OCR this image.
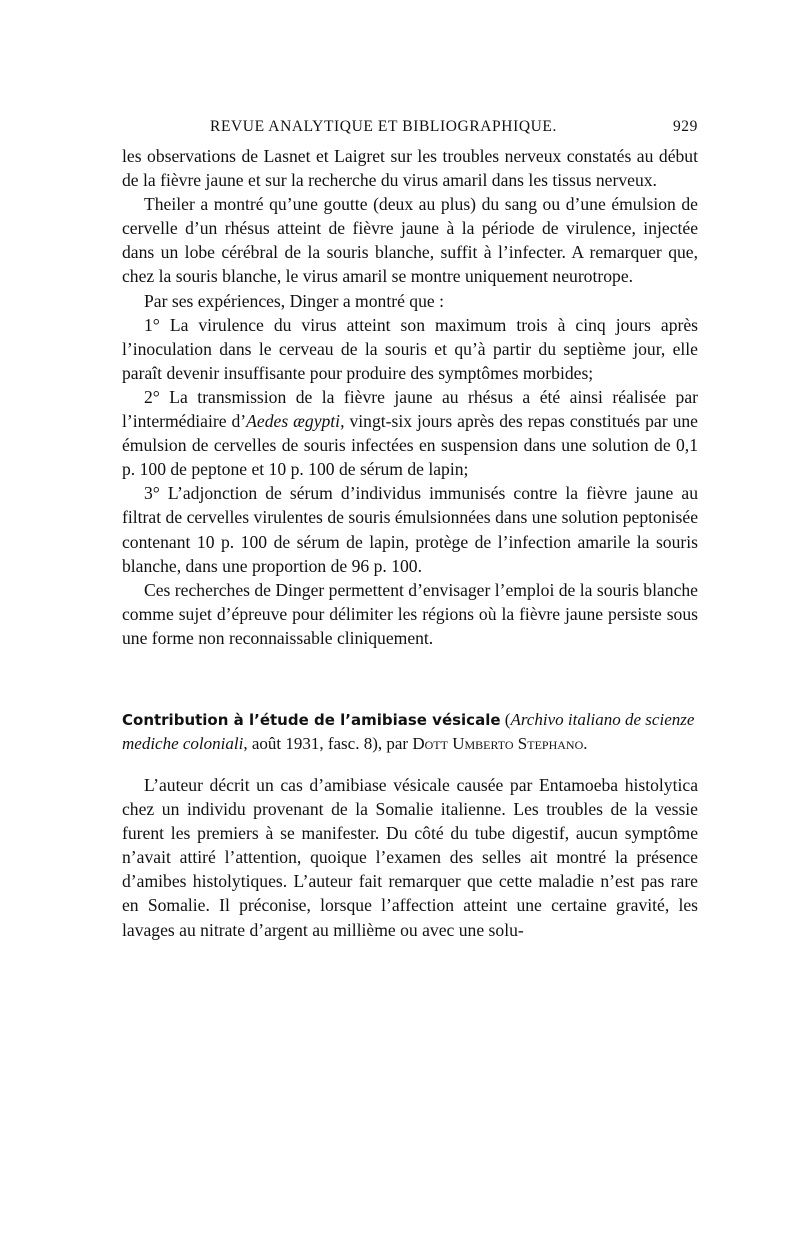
REVUE ANALYTIQUE ET BIBLIOGRAPHIQUE.	929

les observations de Lasnet et Laigret sur les troubles nerveux constatés au début de la fièvre jaune et sur la recherche du virus amaril dans les tissus nerveux.

Theiler a montré qu’une goutte (deux au plus) du sang ou d’une émulsion de cervelle d’un rhésus atteint de fièvre jaune à la période de virulence, injectée dans un lobe cérébral de la souris blanche, suffit à l’infecter. A remarquer que, chez la souris blanche, le virus amaril se montre uniquement neurotrope.

Par ses expériences, Dinger a montré que :

1° La virulence du virus atteint son maximum trois à cinq jours après l’inoculation dans le cerveau de la souris et qu’à partir du septième jour, elle paraît devenir insuffisante pour produire des symptômes morbides;

2° La transmission de la fièvre jaune au rhésus a été ainsi réalisée par l’intermédiaire d’Aedes ægypti, vingt-six jours après des repas constitués par une émulsion de cervelles de souris infectées en suspension dans une solution de 0,1 p. 100 de peptone et 10 p. 100 de sérum de lapin;

3° L’adjonction de sérum d’individus immunisés contre la fièvre jaune au filtrat de cervelles virulentes de souris émulsionnées dans une solution peptonisée contenant 10 p. 100 de sérum de lapin, protège de l’infection amarile la souris blanche, dans une proportion de 96 p. 100.

Ces recherches de Dinger permettent d’envisager l’emploi de la souris blanche comme sujet d’épreuve pour délimiter les régions où la fièvre jaune persiste sous une forme non reconnaissable cliniquement.

Contribution à l’étude de l’amibiase vésicale (Archivo italiano de scienze mediche coloniali, août 1931, fasc. 8), par Dott Umberto Stephano.

L’auteur décrit un cas d’amibiase vésicale causée par Entamoeba histolytica chez un individu provenant de la Somalie italienne. Les troubles de la vessie furent les premiers à se manifester. Du côté du tube digestif, aucun symptôme n’avait attiré l’attention, quoique l’examen des selles ait montré la présence d’amibes histolytiques. L’auteur fait remarquer que cette maladie n’est pas rare en Somalie. Il préconise, lorsque l’affection atteint une certaine gravité, les lavages au nitrate d’argent au millième ou avec une solu-
